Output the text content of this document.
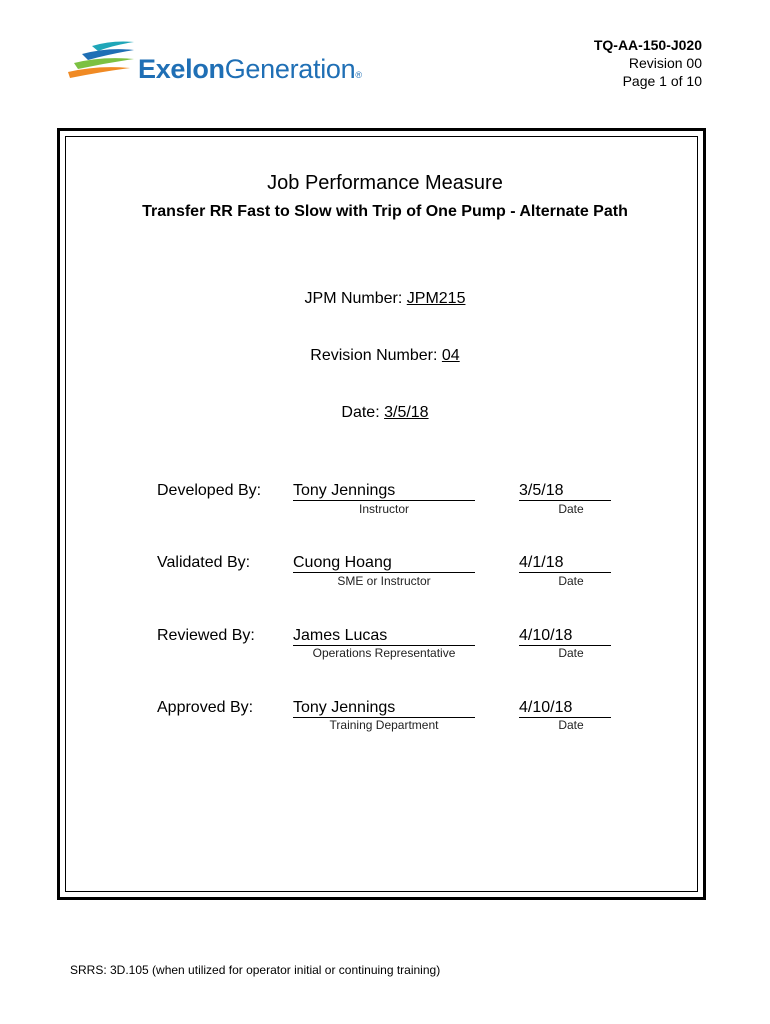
ExelonGeneration®
TQ-AA-150-J020
Revision 00
Page 1 of 10
Job Performance Measure
Transfer RR Fast to Slow with Trip of One Pump - Alternate Path
JPM Number: JPM215
Revision Number: 04
Date: 3/5/18
Developed By: Tony Jennings	3/5/18
Instructor	Date
Validated By:	Cuong Hoang	4/1/18
SME or Instructor	Date
Reviewed By: James Lucas	4/10/18
Operations Representative	Date
Approved By: Tony Jennings	4/10/18
Training Department	Date
SRRS: 3D.105 (when utilized for operator initial or continuing training)
